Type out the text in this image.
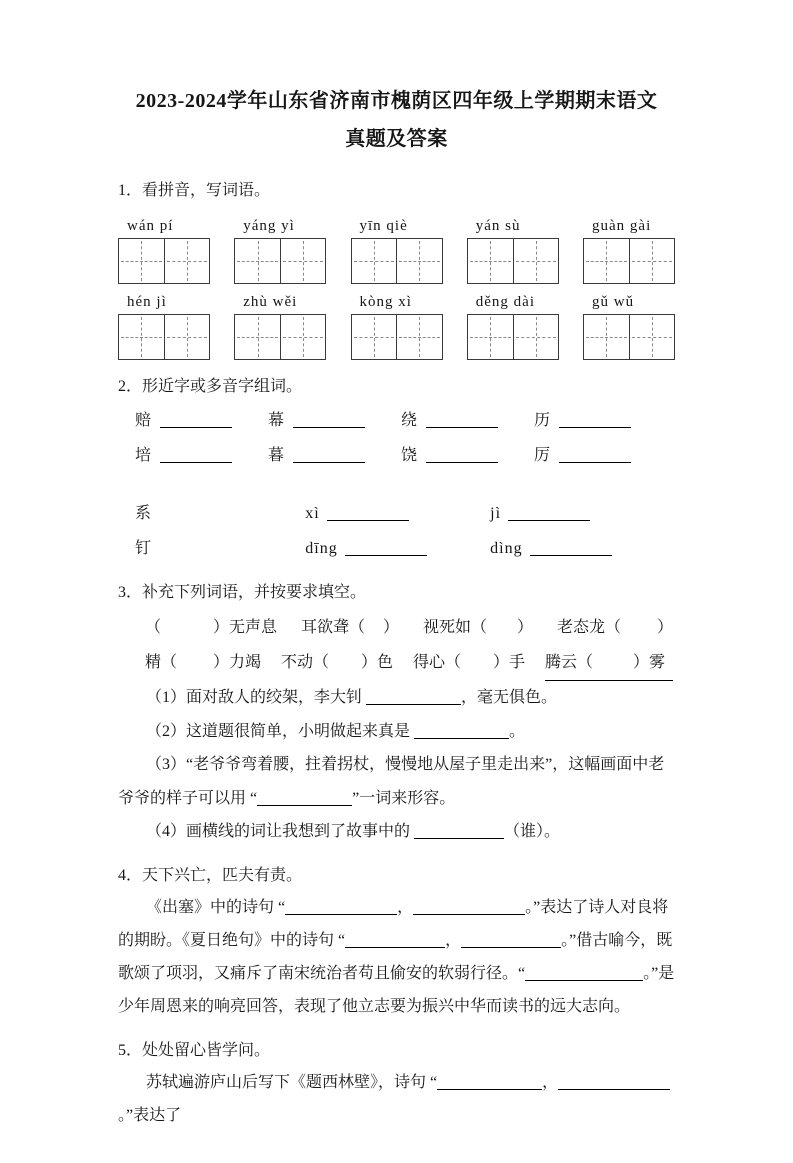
2023-2024学年山东省济南市槐荫区四年级上学期期末语文
真题及答案

1．看拼音，写词语。

wán pí	yáng yì	yīn qiè	yán sù	guàn gài
hén jì	zhù wěi	kòng xì	děng dài	gǔ wǔ

2．形近字或多音字组词。

赔	幕	绕	历
培	暮	饶	厉
系	xì	jì
钉	dīng	dìng

3．补充下列词语，并按要求填空。

（	）无声息 耳欲聋（ ） 视死如（ ） 老态龙（ ）
精（ ）力竭 不动（ ）色 得心（ ）手 腾云（	）雾

（1）面对敌人的绞架，李大钊	，毫无俱色。

（2）这道题很简单，小明做起来真是	。

（3）“老爷爷弯着腰，拄着拐杖，慢慢地从屋子里走出来”，这幅画面中老爷爷的样子可以用 “	”一词来形容。

（4）画横线的词让我想到了故事中的	（谁）。

4．天下兴亡，匹夫有责。

《出塞》中的诗句 “	，	。”表达了诗人对良将的期盼。《夏日绝句》中的诗句 “	，	。”借古喻今，既歌颂了项羽，又痛斥了南宋统治者苟且偷安的软弱行径。“	。”是少年周恩来的响亮回答，表现了他立志要为振兴中华而读书的远大志向。

5．处处留心皆学问。

苏轼遍游庐山后写下《题西林壁》，诗句 “	，。”表达了
